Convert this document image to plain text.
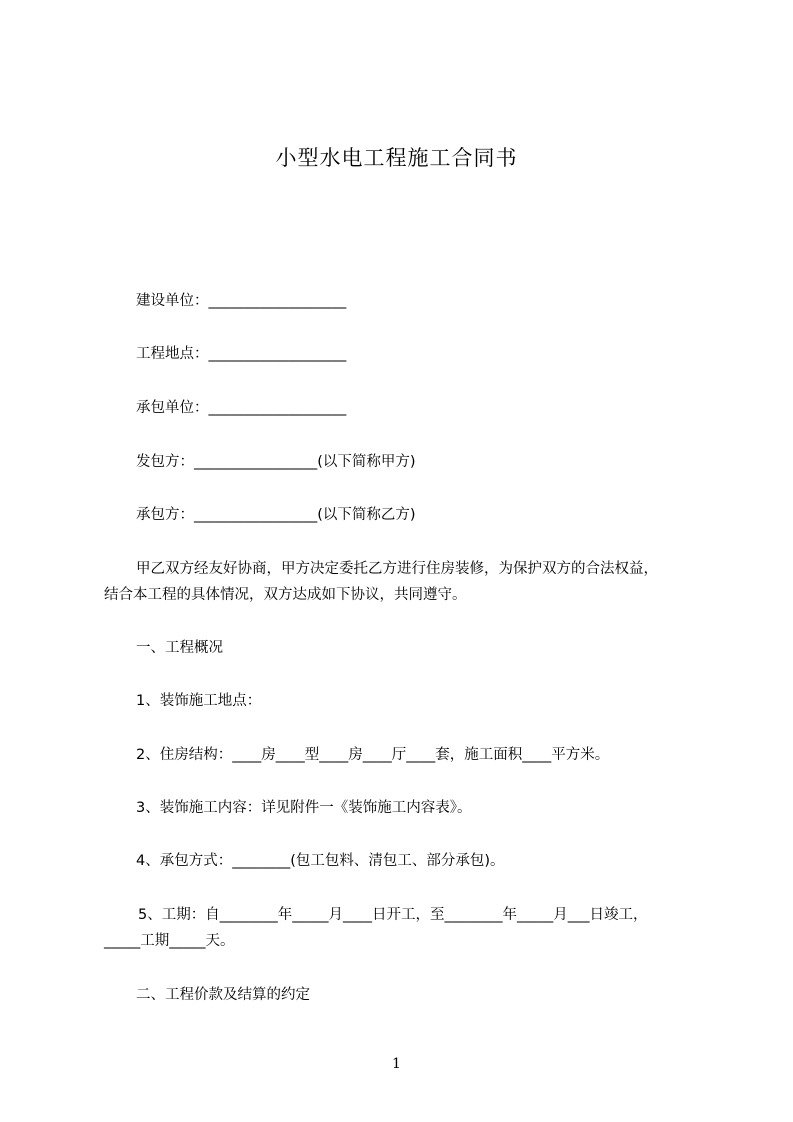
小型水电工程施工合同书

建设单位：___________________

工程地点：___________________

承包单位：___________________

发包方：_________________(以下简称甲方)

承包方：_________________(以下简称乙方)

甲乙双方经友好协商，甲方决定委托乙方进行住房装修，为保护双方的合法权益，

结合本工程的具体情况，双方达成如下协议，共同遵守。

一、工程概况

1、装饰施工地点：

2、住房结构：____房____型____房____厅____套，施工面积____平方米。

3、装饰施工内容：详见附件一《装饰施工内容表》。

4、承包方式：________(包工包料、清包工、部分承包)。

5、工期：自________年_____月____日开工，至________年_____月___日竣工，

_____工期_____天。

二、工程价款及结算的约定

1
